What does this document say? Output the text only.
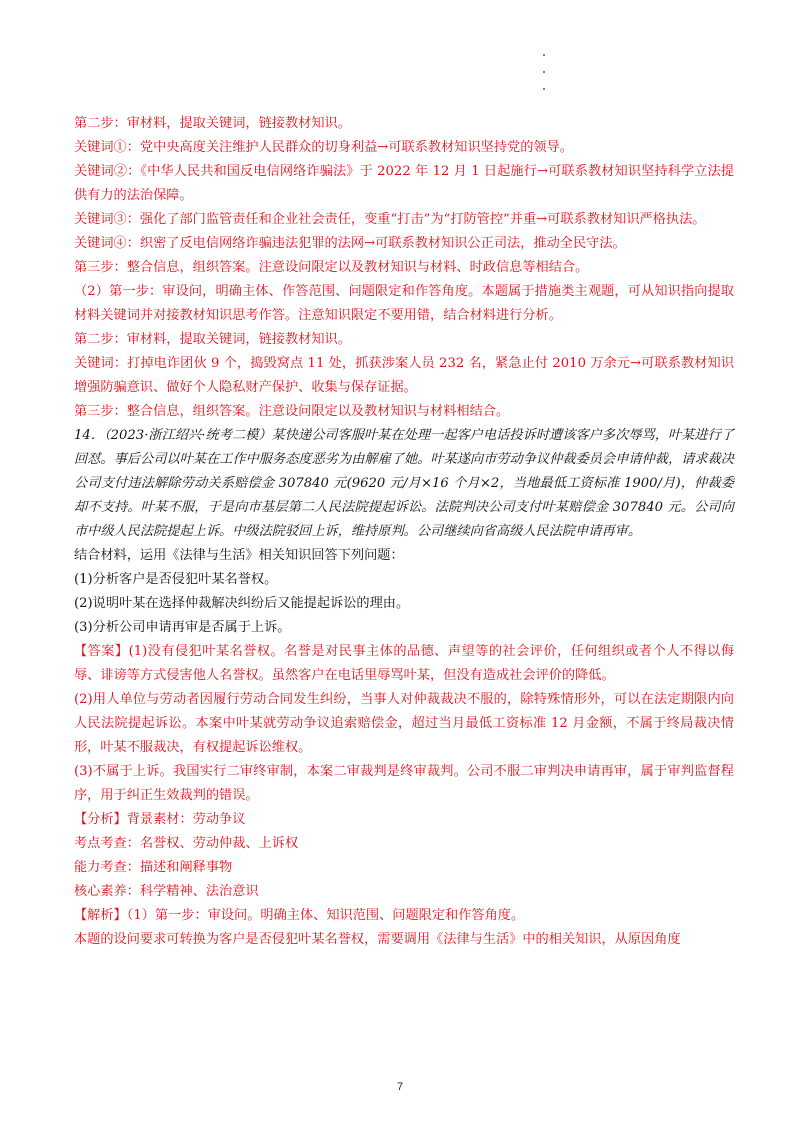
第二步：审材料，提取关键词，链接教材知识。

关键词①：党中央高度关注维护人民群众的切身利益→可联系教材知识坚持党的领导。

关键词②：《中华人民共和国反电信网络诈骗法》于 2022 年 12 月 1 日起施行→可联系教材知识坚持科学立法提供有力的法治保障。

关键词③：强化了部门监管责任和企业社会责任，变重“打击”为“打防管控”并重→可联系教材知识严格执法。

关键词④：织密了反电信网络诈骗违法犯罪的法网→可联系教材知识公正司法，推动全民守法。

第三步：整合信息，组织答案。注意设问限定以及教材知识与材料、时政信息等相结合。

（2）第一步：审设问，明确主体、作答范围、问题限定和作答角度。本题属于措施类主观题，可从知识指向提取材料关键词并对接教材知识思考作答。注意知识限定不要用错，结合材料进行分析。

第二步：审材料，提取关键词，链接教材知识。

关键词：打掉电诈团伙 9 个，捣毁窝点 11 处，抓获涉案人员 232 名，紧急止付 2010 万余元→可联系教材知识增强防骗意识、做好个人隐私财产保护、收集与保存证据。

第三步：整合信息，组织答案。注意设问限定以及教材知识与材料相结合。

14．（2023·浙江绍兴·统考二模）某快递公司客服叶某在处理一起客户电话投诉时遭该客户多次辱骂，叶某进行了回怼。事后公司以叶某在工作中服务态度恶劣为由解雇了她。叶某遂向市劳动争议仲裁委员会申请仲裁，请求裁决公司支付违法解除劳动关系赔偿金 307840 元(9620 元/月×16 个月×2，当地最低工资标准 1900/月)，仲裁委却不支持。叶某不服，于是向市基层第二人民法院提起诉讼。法院判决公司支付叶某赔偿金 307840 元。公司向市中级人民法院提起上诉。中级法院驳回上诉，维持原判。公司继续向省高级人民法院申请再审。

结合材料，运用《法律与生活》相关知识回答下列问题：

(1)分析客户是否侵犯叶某名誉权。

(2)说明叶某在选择仲裁解决纠纷后又能提起诉讼的理由。

(3)分析公司申请再审是否属于上诉。

【答案】(1)没有侵犯叶某名誉权。名誉是对民事主体的品德、声望等的社会评价，任何组织或者个人不得以侮辱、诽谤等方式侵害他人名誉权。虽然客户在电话里辱骂叶某，但没有造成社会评价的降低。

(2)用人单位与劳动者因履行劳动合同发生纠纷，当事人对仲裁裁决不服的，除特殊情形外，可以在法定期限内向人民法院提起诉讼。本案中叶某就劳动争议追索赔偿金，超过当月最低工资标准 12 月金额，不属于终局裁决情形，叶某不服裁决，有权提起诉讼维权。

(3)不属于上诉。我国实行二审终审制，本案二审裁判是终审裁判。公司不服二审判决申请再审，属于审判监督程序，用于纠正生效裁判的错误。

【分析】背景素材：劳动争议

考点考查：名誉权、劳动仲裁、上诉权

能力考查：描述和阐释事物

核心素养：科学精神、法治意识

【解析】（1）第一步：审设问。明确主体、知识范围、问题限定和作答角度。

本题的设问要求可转换为客户是否侵犯叶某名誉权，需要调用《法律与生活》中的相关知识，从原因角度

7
